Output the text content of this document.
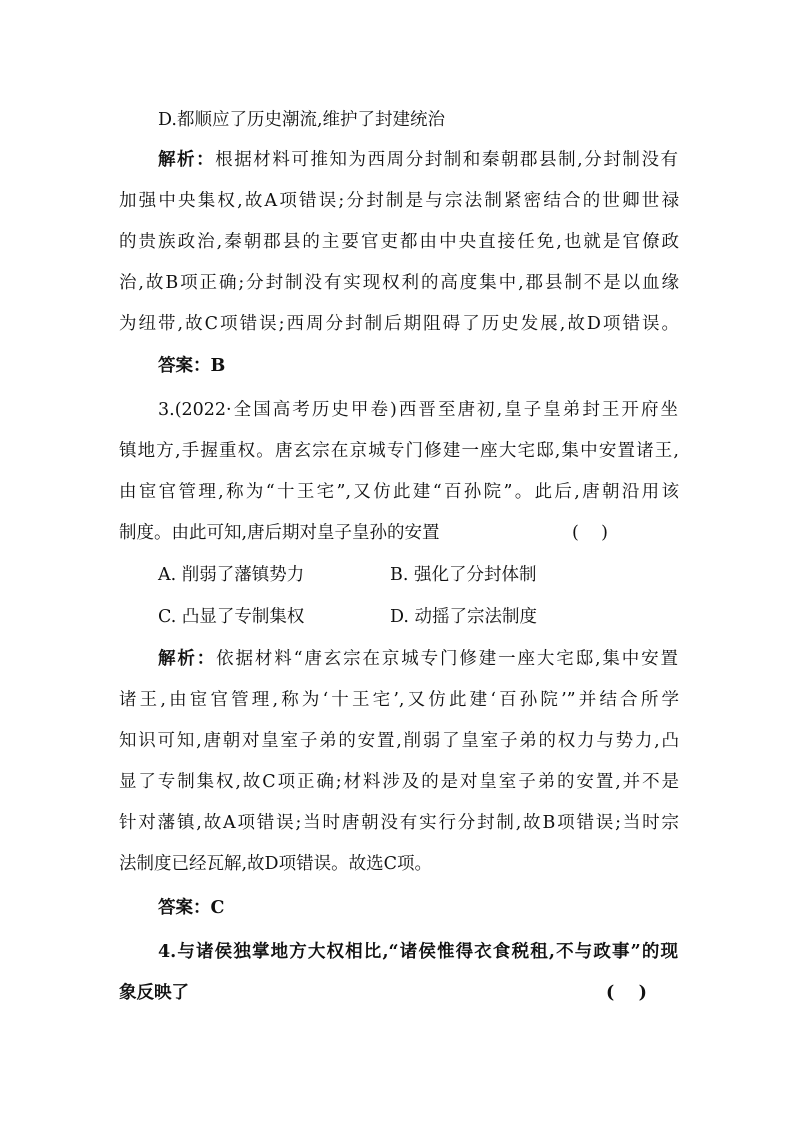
D.都顺应了历史潮流,维护了封建统治
解析：根据材料可推知为西周分封制和秦朝郡县制,分封制没有
加强中央集权,故A项错误;分封制是与宗法制紧密结合的世卿世禄
的贵族政治,秦朝郡县的主要官吏都由中央直接任免,也就是官僚政
治,故B项正确;分封制没有实现权利的高度集中,郡县制不是以血缘
为纽带,故C项错误;西周分封制后期阻碍了历史发展,故D项错误。
答案：B
3.(2022·全国高考历史甲卷)西晋至唐初,皇子皇弟封王开府坐
镇地方,手握重权。唐玄宗在京城专门修建一座大宅邸,集中安置诸王,
由宦官管理,称为“十王宅”,又仿此建“百孙院”。此后,唐朝沿用该
制度。由此可知,唐后期对皇子皇孙的安置	(    )
A. 削弱了藩镇势力	B. 强化了分封体制
C. 凸显了专制集权	D. 动摇了宗法制度
解析：依据材料“唐玄宗在京城专门修建一座大宅邸,集中安置
诸王,由宦官管理,称为‘十王宅’,又仿此建‘百孙院’”并结合所学
知识可知,唐朝对皇室子弟的安置,削弱了皇室子弟的权力与势力,凸
显了专制集权,故C项正确;材料涉及的是对皇室子弟的安置,并不是
针对藩镇,故A项错误;当时唐朝没有实行分封制,故B项错误;当时宗
法制度已经瓦解,故D项错误。故选C项。
答案：C
4.与诸侯独掌地方大权相比,“诸侯惟得衣食税租,不与政事”的现
象反映了	(    )
